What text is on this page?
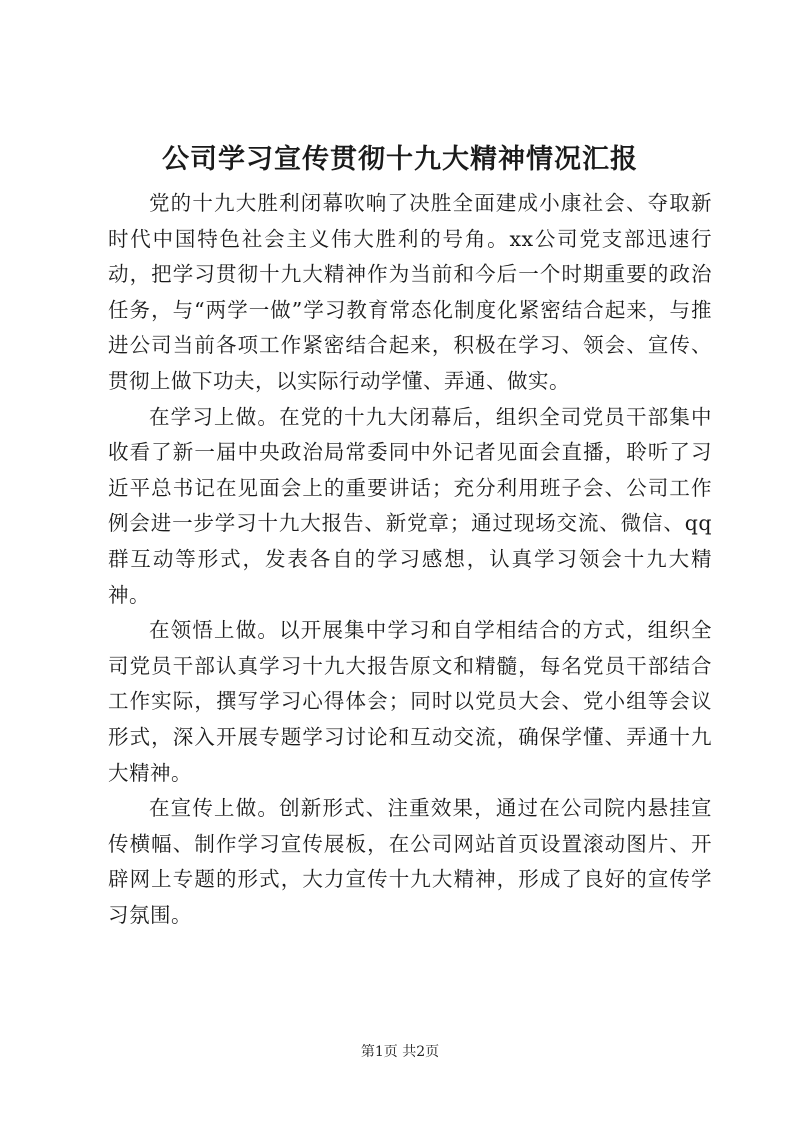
公司学习宣传贯彻十九大精神情况汇报

党的十九大胜利闭幕吹响了决胜全面建成小康社会、夺取新时代中国特色社会主义伟大胜利的号角。xx公司党支部迅速行动，把学习贯彻十九大精神作为当前和今后一个时期重要的政治任务，与“两学一做”学习教育常态化制度化紧密结合起来，与推进公司当前各项工作紧密结合起来，积极在学习、领会、宣传、贯彻上做下功夫，以实际行动学懂、弄通、做实。

在学习上做。在党的十九大闭幕后，组织全司党员干部集中收看了新一届中央政治局常委同中外记者见面会直播，聆听了习近平总书记在见面会上的重要讲话；充分利用班子会、公司工作例会进一步学习十九大报告、新党章；通过现场交流、微信、qq群互动等形式，发表各自的学习感想，认真学习领会十九大精神。

在领悟上做。以开展集中学习和自学相结合的方式，组织全司党员干部认真学习十九大报告原文和精髓，每名党员干部结合工作实际，撰写学习心得体会；同时以党员大会、党小组等会议形式，深入开展专题学习讨论和互动交流，确保学懂、弄通十九大精神。

在宣传上做。创新形式、注重效果，通过在公司院内悬挂宣传横幅、制作学习宣传展板，在公司网站首页设置滚动图片、开辟网上专题的形式，大力宣传十九大精神，形成了良好的宣传学习氛围。

第1页 共2页
